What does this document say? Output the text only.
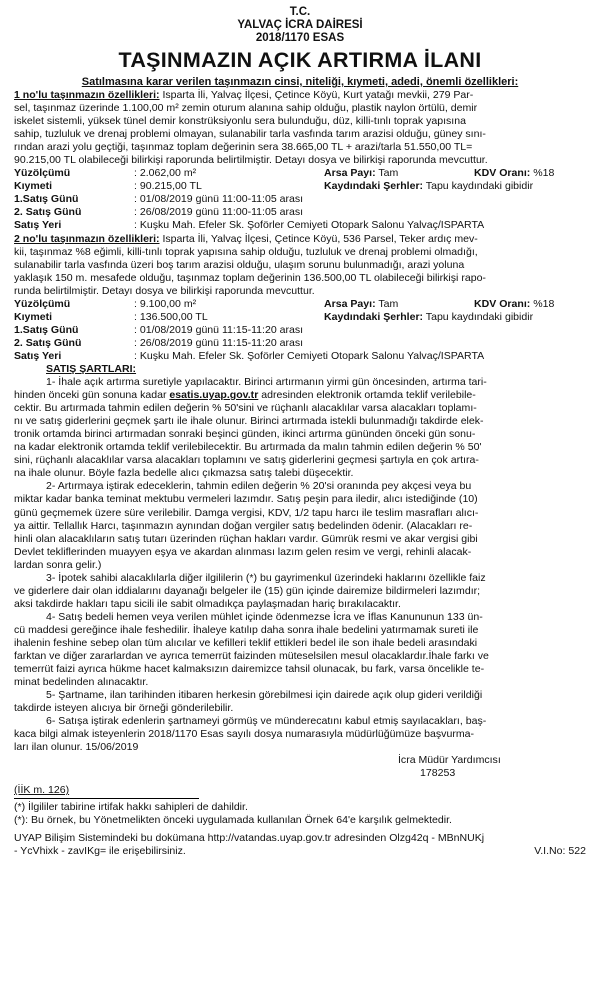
T.C.
YALVAÇ İCRA DAİRESİ
2018/1170 ESAS
TAŞINMAZIN AÇIK ARTIRMA İLANI
Satılmasına karar verilen taşınmazın cinsi, niteliği, kıymeti, adedi, önemli özellikleri:
1 no'lu taşınmazın özellikleri: Isparta İli, Yalvaç İlçesi, Çetince Köyü, Kurt yatağı mevkii, 279 Par-
sel, taşınmaz üzerinde 1.100,00 m² zemin oturum alanına sahip olduğu, plastik naylon örtülü, demir
iskelet sistemli, yüksek tünel demir konstrüksiyonlu sera bulunduğu, düz, killi-tınlı toprak yapısına
sahip, tuzluluk ve drenaj problemi olmayan, sulanabilir tarla vasfında tarım arazisi olduğu, güney sını-
rından arazi yolu geçtiği, taşınmaz toplam değerinin sera 38.665,00 TL + arazi/tarla 51.550,00 TL=
90.215,00 TL olabileceği bilirkişi raporunda belirtilmiştir. Detayı dosya ve bilirkişi raporunda mevcuttur.
Yüzölçümü	: 2.062,00 m²	Arsa Payı: Tam	KDV Oranı: %18
Kıymeti	: 90.215,00 TL	Kaydındaki Şerhler: Tapu kaydındaki gibidir
1.Satış Günü	: 01/08/2019 günü 11:00-11:05 arası
2. Satış Günü	: 26/08/2019 günü 11:00-11:05 arası
Satış Yeri	: Kuşku Mah. Efeler Sk. Şoförler Cemiyeti Otopark Salonu Yalvaç/ISPARTA
2 no'lu taşınmazın özellikleri: Isparta İli, Yalvaç İlçesi, Çetince Köyü, 536 Parsel, Teker ardıç mev-
kii, taşınmaz %8 eğimli, killi-tınlı toprak yapısına sahip olduğu, tuzluluk ve drenaj problemi olmadığı,
sulanabilir tarla vasfında üzeri boş tarım arazisi olduğu, ulaşım sorunu bulunmadığı, arazi yoluna
yaklaşık 150 m. mesafede olduğu, taşınmaz toplam değerinin 136.500,00 TL olabileceği bilirkişi rapo-
runda belirtilmiştir. Detayı dosya ve bilirkişi raporunda mevcuttur.
Yüzölçümü	: 9.100,00 m²	Arsa Payı: Tam	KDV Oranı: %18
Kıymeti	: 136.500,00 TL	Kaydındaki Şerhler: Tapu kaydındaki gibidir
1.Satış Günü	: 01/08/2019 günü 11:15-11:20 arası
2. Satış Günü	: 26/08/2019 günü 11:15-11:20 arası
Satış Yeri	: Kuşku Mah. Efeler Sk. Şoförler Cemiyeti Otopark Salonu Yalvaç/ISPARTA
SATIŞ ŞARTLARI:
1- İhale açık artırma suretiyle yapılacaktır. Birinci artırmanın yirmi gün öncesinden, artırma tari-
hinden önceki gün sonuna kadar esatis.uyap.gov.tr adresinden elektronik ortamda teklif verilebile-
cektir. Bu artırmada tahmin edilen değerin % 50'sini ve rüçhanlı alacaklılar varsa alacakları toplamı-
nı ve satış giderlerini geçmek şartı ile ihale olunur. Birinci artırmada istekli bulunmadığı takdirde elek-
tronik ortamda birinci artırmadan sonraki beşinci günden, ikinci artırma gününden önceki gün sonu-
na kadar elektronik ortamda teklif verilebilecektir. Bu artırmada da malın tahmin edilen değerin % 50'
sini, rüçhanlı alacaklılar varsa alacakları toplamını ve satış giderlerini geçmesi şartıyla en çok artıra-
na ihale olunur. Böyle fazla bedelle alıcı çıkmazsa satış talebi düşecektir.
2- Artırmaya iştirak edeceklerin, tahmin edilen değerin % 20'si oranında pey akçesi veya bu
miktar kadar banka teminat mektubu vermeleri lazımdır. Satış peşin para iledir, alıcı istediğinde (10)
günü geçmemek üzere süre verilebilir. Damga vergisi, KDV, 1/2 tapu harcı ile teslim masrafları alıcı-
ya aittir. Tellallık Harcı, taşınmazın aynından doğan vergiler satış bedelinden ödenir. (Alacakları re-
hinli olan alacaklıların satış tutarı üzerinden rüçhan hakları vardır. Gümrük resmi ve akar vergisi gibi
Devlet tekliflerinden muayyen eşya ve akardan alınması lazım gelen resim ve vergi, rehinli alacak-
lardan sonra gelir.)
3- İpotek sahibi alacaklılarla diğer ilgililerin (*) bu gayrimenkul üzerindeki haklarını özellikle faiz
ve giderlere dair olan iddialarını dayanağı belgeler ile (15) gün içinde dairemize bildirmeleri lazımdır;
aksi takdirde hakları tapu sicili ile sabit olmadıkça paylaşmadan hariç bırakılacaktır.
4- Satış bedeli hemen veya verilen mühlet içinde ödenmezse İcra ve İflas Kanununun 133 ün-
cü maddesi gereğince ihale feshedilir. İhaleye katılıp daha sonra ihale bedelini yatırmamak sureti ile
ihalenin feshine sebep olan tüm alıcılar ve kefilleri teklif ettikleri bedel ile son ihale bedeli arasındaki
farktan ve diğer zararlardan ve ayrıca temerrüt faizinden müteselsilen mesul olacaklardır.İhale farkı ve
temerrüt faizi ayrıca hükme hacet kalmaksızın dairemizce tahsil olunacak, bu fark, varsa öncelikle te-
minat bedelinden alınacaktır.
5- Şartname, ilan tarihinden itibaren herkesin görebilmesi için dairede açık olup gideri verildiği
takdirde isteyen alıcıya bir örneği gönderilebilir.
6- Satışa iştirak edenlerin şartnameyi görmüş ve münderecatını kabul etmiş sayılacakları, baş-
kaca bilgi almak isteyenlerin 2018/1170 Esas sayılı dosya numarasıyla müdürlüğümüze başvurma-
ları ilan olunur. 15/06/2019
İcra Müdür Yardımcısı
178253
(İİK m. 126)
(*) İlgililer tabirine irtifak hakkı sahipleri de dahildir.
(*): Bu örnek, bu Yönetmelikten önceki uygulamada kullanılan Örnek 64'e karşılık gelmektedir.
UYAP Bilişim Sistemindeki bu dokümana http://vatandas.uyap.gov.tr adresinden Olzg42q - MBnNUKj
- YcVhixk - zavIKg= ile erişebilirsiniz.	V.I.No: 522
